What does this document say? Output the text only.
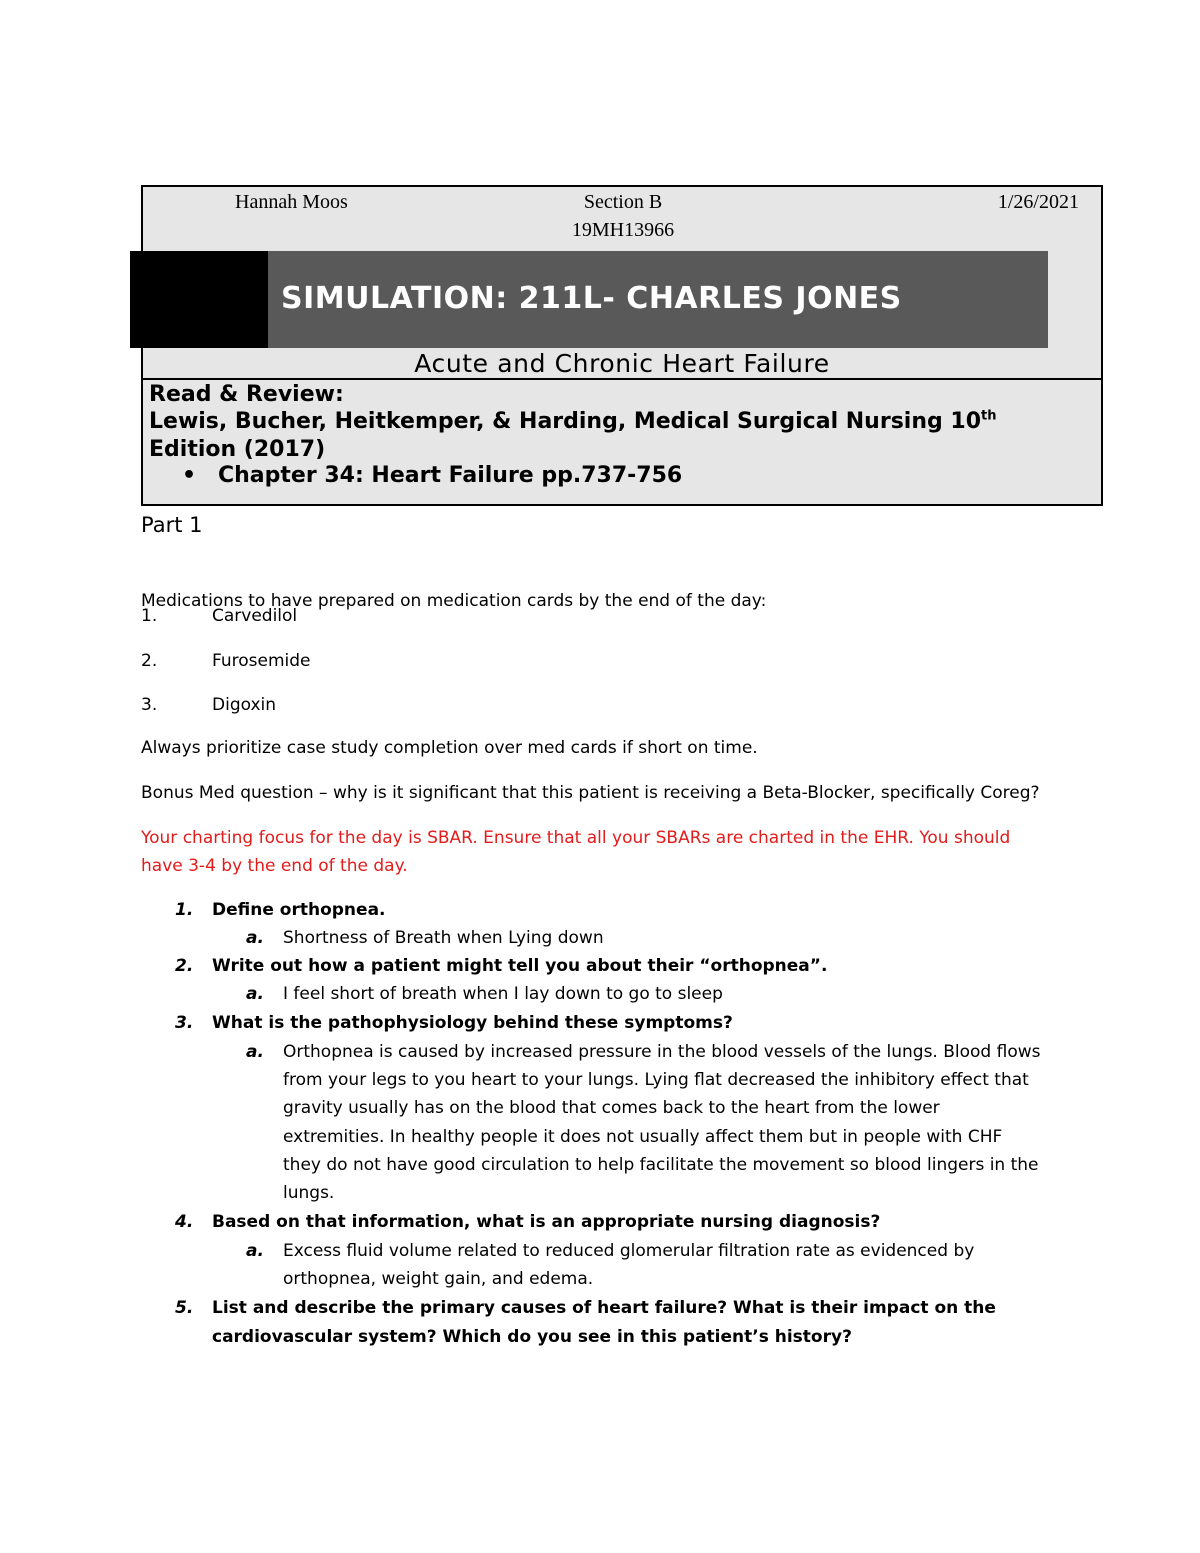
Hannah Moos	Section B
19MH13966
1/26/2021
SIMULATION: 211L- CHARLES JONES
Acute and Chronic Heart Failure
Read & Review:
Lewis, Bucher, Heitkemper, & Harding, Medical Surgical Nursing 10th
Edition (2017)
• Chapter 34: Heart Failure pp.737-756
Part 1
Medications to have prepared on medication cards by the end of the day:
1.	Carvedilol
2.	Furosemide
3.	Digoxin
Always prioritize case study completion over med cards if short on time.
Bonus Med question – why is it significant that this patient is receiving a Beta-Blocker, specifically Coreg?
Your charting focus for the day is SBAR. Ensure that all your SBARs are charted in the EHR. You should
have 3-4 by the end of the day.
1. Define orthopnea.
a. Shortness of Breath when Lying down
2. Write out how a patient might tell you about their “orthopnea”.
a. I feel short of breath when I lay down to go to sleep
3. What is the pathophysiology behind these symptoms?
a. Orthopnea is caused by increased pressure in the blood vessels of the lungs. Blood flows
from your legs to you heart to your lungs. Lying flat decreased the inhibitory effect that
gravity usually has on the blood that comes back to the heart from the lower
extremities. In healthy people it does not usually affect them but in people with CHF
they do not have good circulation to help facilitate the movement so blood lingers in the
lungs.
4. Based on that information, what is an appropriate nursing diagnosis?
a. Excess fluid volume related to reduced glomerular filtration rate as evidenced by
orthopnea, weight gain, and edema.
5. List and describe the primary causes of heart failure? What is their impact on the
cardiovascular system? Which do you see in this patient’s history?
